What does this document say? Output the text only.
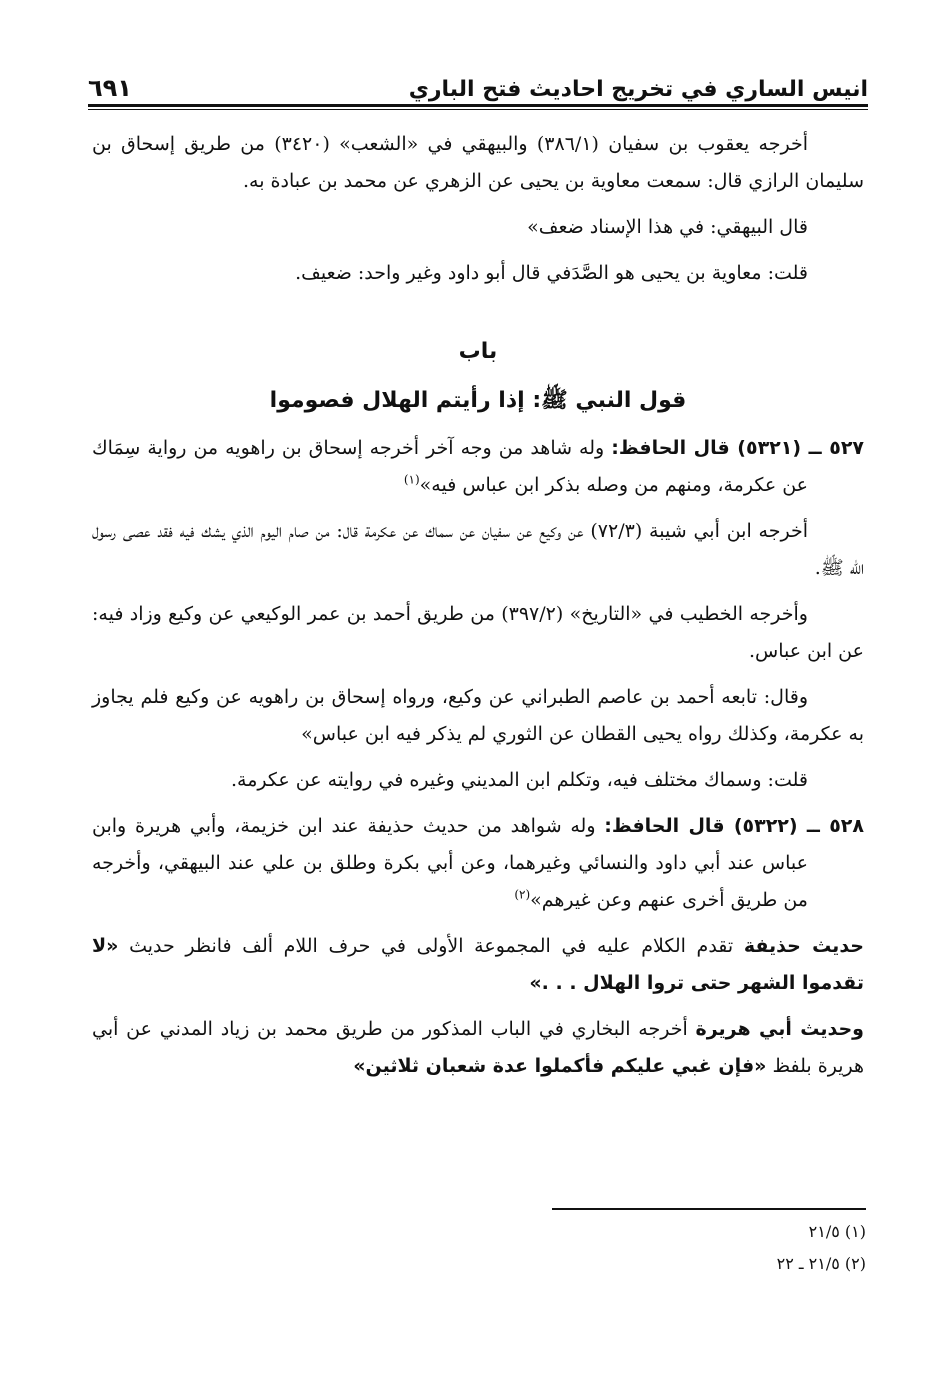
انيس الساري في تخريج احاديث فتح الباري
٦٩١

أخرجه يعقوب بن سفيان (٣٨٦/١) والبيهقي في «الشعب» (٣٤٢٠) من طريق إسحاق بن سليمان الرازي قال: سمعت معاوية بن يحيى عن الزهري عن محمد بن عبادة به.

قال البيهقي: في هذا الإسناد ضعف»

قلت: معاوية بن يحيى هو الصَّدَفي قال أبو داود وغير واحد: ضعيف.

باب

قول النبي ﷺ: إذا رأيتم الهلال فصوموا

٥٢٧ ــ (٥٣٢١) قال الحافظ: وله شاهد من وجه آخر أخرجه إسحاق بن راهويه من رواية سِمَاك عن عكرمة، ومنهم من وصله بذكر ابن عباس فيه»$^{(١)}$

أخرجه ابن أبي شيبة (٧٢/٣) عن وكيع عن سفيان عن سماك عن عكرمة قال: من صام اليوم الذي يشك فيه فقد عصى رسول الله ﷺ.

وأخرجه الخطيب في «التاريخ» (٣٩٧/٢) من طريق أحمد بن عمر الوكيعي عن وكيع وزاد فيه: عن ابن عباس.

وقال: تابعه أحمد بن عاصم الطبراني عن وكيع، ورواه إسحاق بن راهويه عن وكيع فلم يجاوز به عكرمة، وكذلك رواه يحيى القطان عن الثوري لم يذكر فيه ابن عباس»

قلت: وسماك مختلف فيه، وتكلم ابن المديني وغيره في روايته عن عكرمة.

٥٢٨ ــ (٥٣٢٢) قال الحافظ: وله شواهد من حديث حذيفة عند ابن خزيمة، وأبي هريرة وابن عباس عند أبي داود والنسائي وغيرهما، وعن أبي بكرة وطلق بن علي عند البيهقي، وأخرجه من طريق أخرى عنهم وعن غيرهم»$^{(٢)}$

حديث حذيفة تقدم الكلام عليه في المجموعة الأولى في حرف اللام ألف فانظر حديث «لا تقدموا الشهر حتى تروا الهلال . . .»

وحديث أبي هريرة أخرجه البخاري في الباب المذكور من طريق محمد بن زياد المدني عن أبي هريرة بلفظ «فإن غبي عليكم فأكملوا عدة شعبان ثلاثين»

(١) ٢١/٥

(٢) ٢١/٥ ـ ٢٢
